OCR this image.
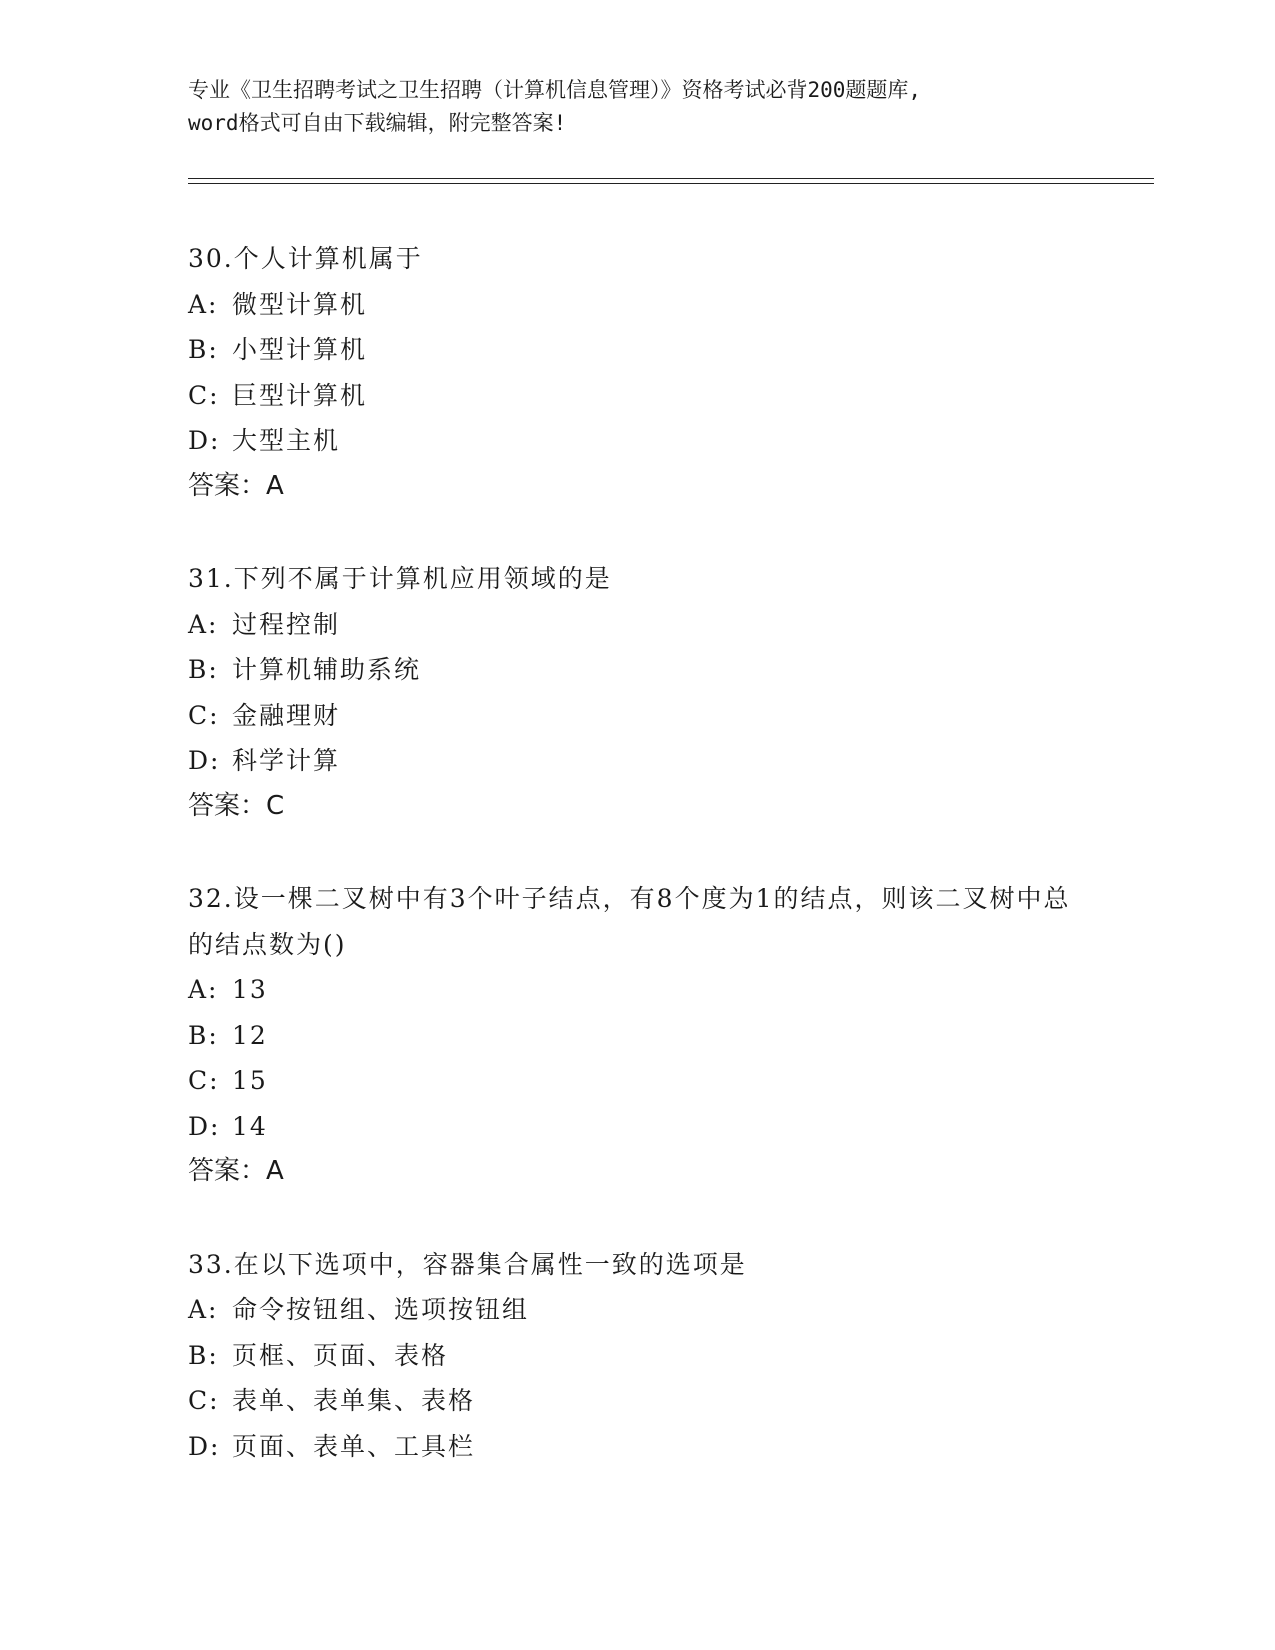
专业《卫生招聘考试之卫生招聘（计算机信息管理）》资格考试必背200题题库,
word格式可自由下载编辑，附完整答案!
30.个人计算机属于
A: 微型计算机
B: 小型计算机
C: 巨型计算机
D: 大型主机
答案：A
31.下列不属于计算机应用领域的是
A: 过程控制
B: 计算机辅助系统
C: 金融理财
D: 科学计算
答案：C
32.设一棵二叉树中有3个叶子结点，有8个度为1的结点，则该二叉树中总的结点数为()
A: 13
B: 12
C: 15
D: 14
答案：A
33.在以下选项中，容器集合属性一致的选项是
A: 命令按钮组、选项按钮组
B: 页框、页面、表格
C: 表单、表单集、表格
D: 页面、表单、工具栏
